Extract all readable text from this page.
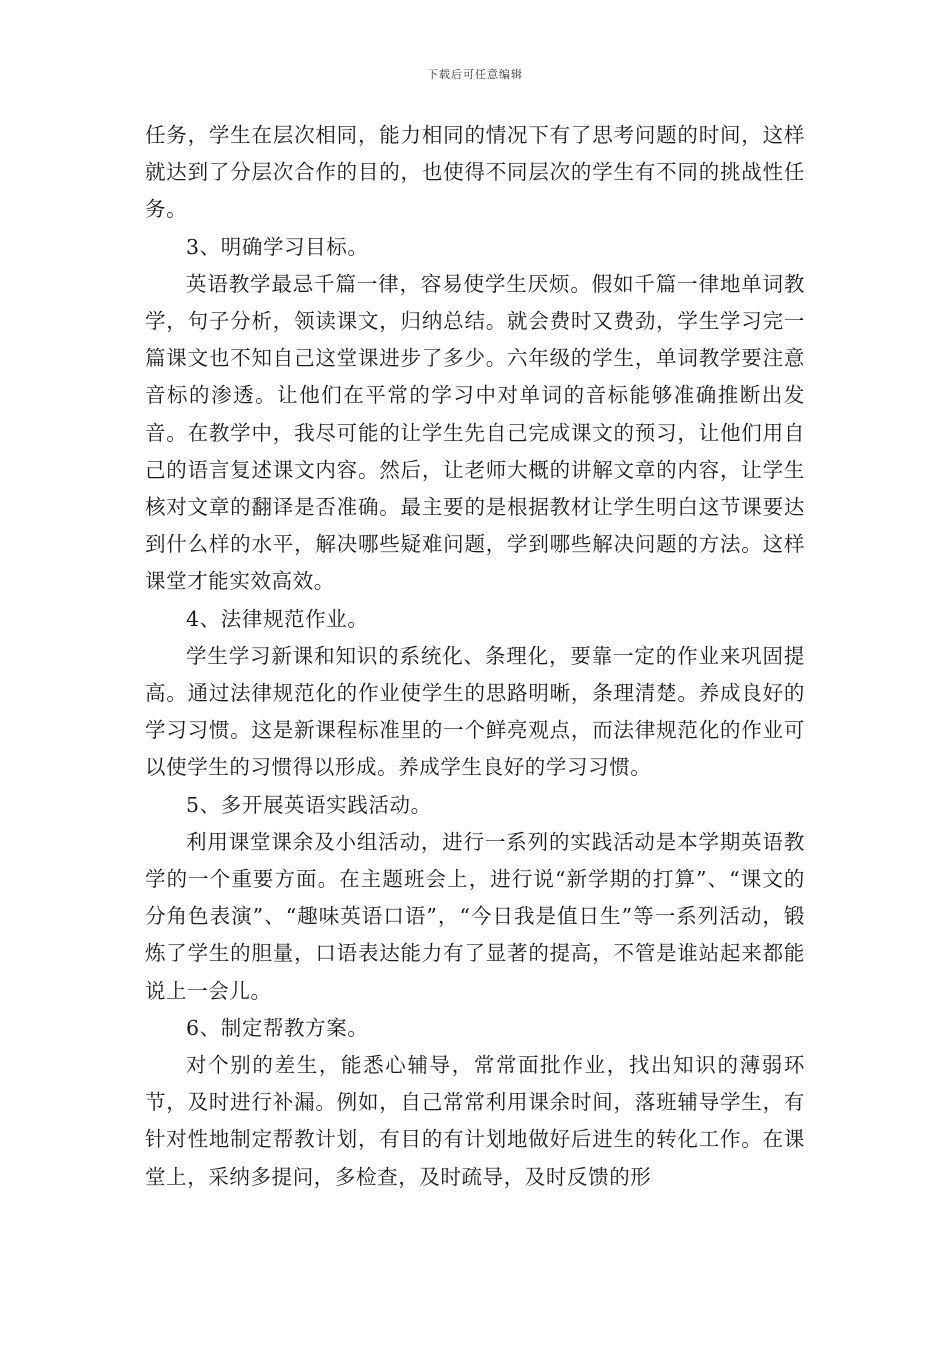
下载后可任意编辑

任务，学生在层次相同，能力相同的情况下有了思考问题的时间，这样就达到了分层次合作的目的，也使得不同层次的学生有不同的挑战性任务。

3、明确学习目标。

英语教学最忌千篇一律，容易使学生厌烦。假如千篇一律地单词教学，句子分析，领读课文，归纳总结。就会费时又费劲，学生学习完一篇课文也不知自己这堂课进步了多少。六年级的学生，单词教学要注意音标的渗透。让他们在平常的学习中对单词的音标能够准确推断出发音。在教学中，我尽可能的让学生先自己完成课文的预习，让他们用自己的语言复述课文内容。然后，让老师大概的讲解文章的内容，让学生核对文章的翻译是否准确。最主要的是根据教材让学生明白这节课要达到什么样的水平，解决哪些疑难问题，学到哪些解决问题的方法。这样课堂才能实效高效。

4、法律规范作业。

学生学习新课和知识的系统化、条理化，要靠一定的作业来巩固提高。通过法律规范化的作业使学生的思路明晰，条理清楚。养成良好的学习习惯。这是新课程标准里的一个鲜亮观点，而法律规范化的作业可以使学生的习惯得以形成。养成学生良好的学习习惯。

5、多开展英语实践活动。

利用课堂课余及小组活动，进行一系列的实践活动是本学期英语教学的一个重要方面。在主题班会上，进行说“新学期的打算”、“课文的分角色表演”、“趣味英语口语”，“今日我是值日生”等一系列活动，锻炼了学生的胆量，口语表达能力有了显著的提高，不管是谁站起来都能说上一会儿。

6、制定帮教方案。

对个别的差生，能悉心辅导，常常面批作业，找出知识的薄弱环节，及时进行补漏。例如，自己常常利用课余时间，落班辅导学生，有针对性地制定帮教计划，有目的有计划地做好后进生的转化工作。在课堂上，采纳多提问，多检查，及时疏导，及时反馈的形
